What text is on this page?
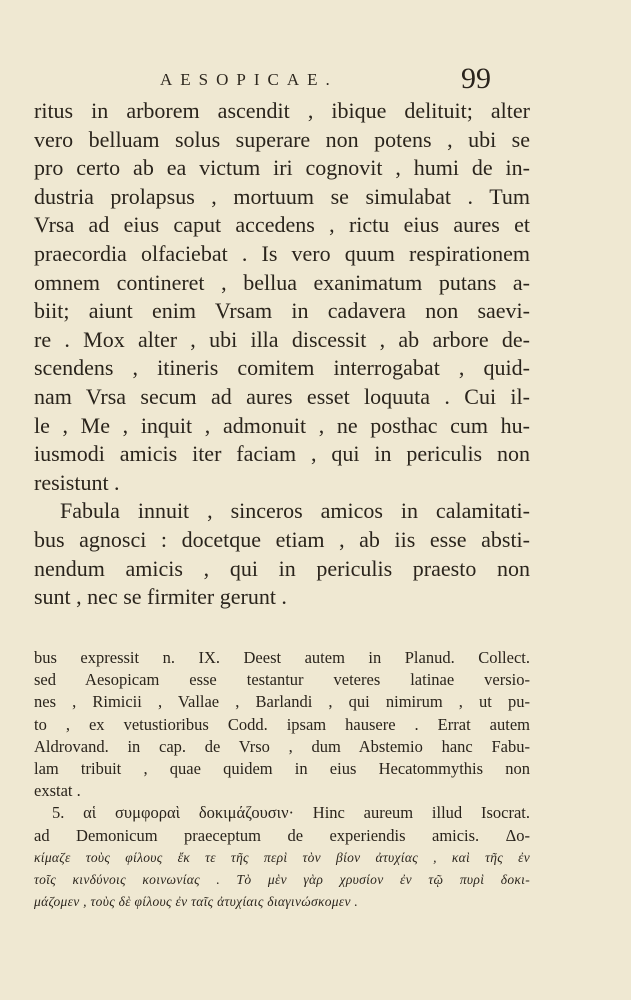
AESOPICAE.	99
ritus in arborem ascendit , ibique delituit; alter
vero belluam solus superare non potens , ubi se
pro certo ab ea victum iri cognovit , humi de in-
dustria prolapsus , mortuum se simulabat . Tum
Vrsa ad eius caput accedens , rictu eius aures et
praecordia olfaciebat . Is vero quum respirationem
omnem contineret , bellua exanimatum putans a-
biit; aiunt enim Vrsam in cadavera non saevi-
re . Mox alter , ubi illa discessit , ab arbore de-
scendens , itineris comitem interrogabat , quid-
nam Vrsa secum ad aures esset loquuta . Cui il-
le , Me , inquit , admonuit , ne posthac cum hu-
iusmodi amicis iter faciam , qui in periculis non
resistunt .
Fabula innuit , sinceros amicos in calamitati-
bus agnosci : docetque etiam , ab iis esse absti-
nendum amicis , qui in periculis praesto non
sunt , nec se firmiter gerunt .
bus expressit n. IX. Deest autem in Planud. Collect.
sed Aesopicam esse testantur veteres latinae versio-
nes , Rimicii , Vallae , Barlandi , qui nimirum , ut pu-
to , ex vetustioribus Codd. ipsam hausere . Errat autem
Aldrovand. in cap. de Vrso , dum Abstemio hanc Fabu-
lam tribuit , quae quidem in eius Hecatommythis non
exstat .
5. αἱ συμφοραὶ δοκιμάζουσιν· Hinc aureum illud Isocrat.
ad Demonicum praeceptum de experiendis amicis. Δο-
κίμαζε τοὺς φίλους ἔκ τε τῆς περὶ τὸν βίον ἀτυχίας , καὶ τῆς ἐν
τοῖς κινδύνοις κοινωνίας . Τὸ μὲν γὰρ χρυσίον ἐν τῷ πυρὶ δοκι-
μάζομεν , τοὺς δὲ φίλους ἐν ταῖς ἀτυχίαις διαγινώσκομεν .
